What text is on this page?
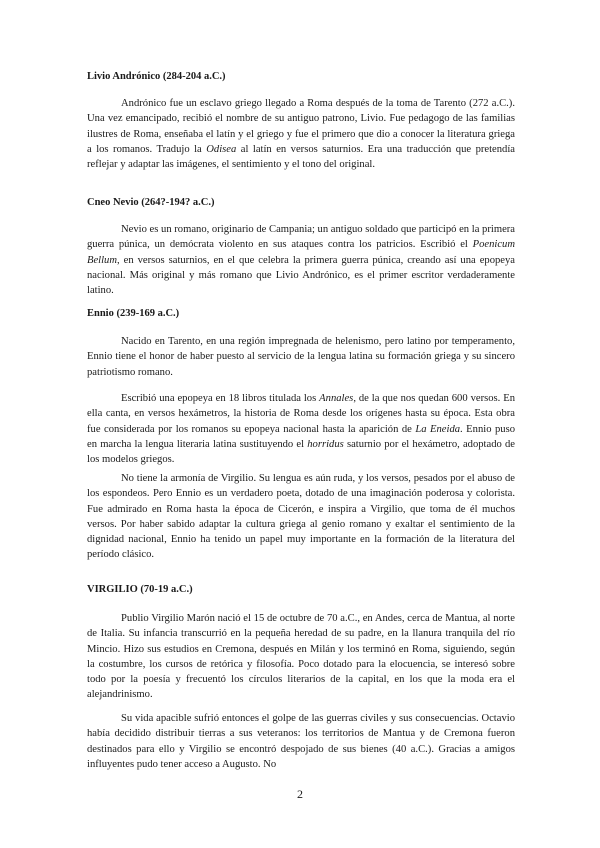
Livio Andrónico (284-204 a.C.)

Andrónico fue un esclavo griego llegado a Roma después de la toma de Tarento (272 a.C.). Una vez emancipado, recibió el nombre de su antiguo patrono, Livio. Fue pedagogo de las familias ilustres de Roma, enseñaba el latín y el griego y fue el primero que dio a conocer la literatura griega a los romanos. Tradujo la Odisea al latín en versos saturnios. Era una traducción que pretendía reflejar y adaptar las imágenes, el sentimiento y el tono del original.

Cneo Nevio (264?-194? a.C.)

Nevio es un romano, originario de Campania; un antiguo soldado que participó en la primera guerra púnica, un demócrata violento en sus ataques contra los patricios. Escribió el Poenicum Bellum, en versos saturnios, en el que celebra la primera guerra púnica, creando así una epopeya nacional. Más original y más romano que Livio Andrónico, es el primer escritor verdaderamente latino.

Ennio (239-169 a.C.)

Nacido en Tarento, en una región impregnada de helenismo, pero latino por temperamento, Ennio tiene el honor de haber puesto al servicio de la lengua latina su formación griega y su sincero patriotismo romano.

Escribió una epopeya en 18 libros titulada los Annales, de la que nos quedan 600 versos. En ella canta, en versos hexámetros, la historia de Roma desde los orígenes hasta su época. Esta obra fue considerada por los romanos su epopeya nacional hasta la aparición de La Eneida. Ennio puso en marcha la lengua literaria latina sustituyendo el horridus saturnio por el hexámetro, adoptado de los modelos griegos.

No tiene la armonía de Virgilio. Su lengua es aún ruda, y los versos, pesados por el abuso de los espondeos. Pero Ennio es un verdadero poeta, dotado de una imaginación poderosa y colorista. Fue admirado en Roma hasta la época de Cicerón, e inspira a Virgilio, que toma de él muchos versos. Por haber sabido adaptar la cultura griega al genio romano y exaltar el sentimiento de la dignidad nacional, Ennio ha tenido un papel muy importante en la formación de la literatura del período clásico.

VIRGILIO (70-19 a.C.)

Publio Virgilio Marón nació el 15 de octubre de 70 a.C., en Andes, cerca de Mantua, al norte de Italia. Su infancia transcurrió en la pequeña heredad de su padre, en la llanura tranquila del río Mincio. Hizo sus estudios en Cremona, después en Milán y los terminó en Roma, siguiendo, según la costumbre, los cursos de retórica y filosofía. Poco dotado para la elocuencia, se interesó sobre todo por la poesía y frecuentó los círculos literarios de la capital, en los que la moda era el alejandrinismo.

Su vida apacible sufrió entonces el golpe de las guerras civiles y sus consecuencias. Octavio había decidido distribuir tierras a sus veteranos: los territorios de Mantua y de Cremona fueron destinados para ello y Virgilio se encontró despojado de sus bienes (40 a.C.). Gracias a amigos influyentes pudo tener acceso a Augusto. No

2
